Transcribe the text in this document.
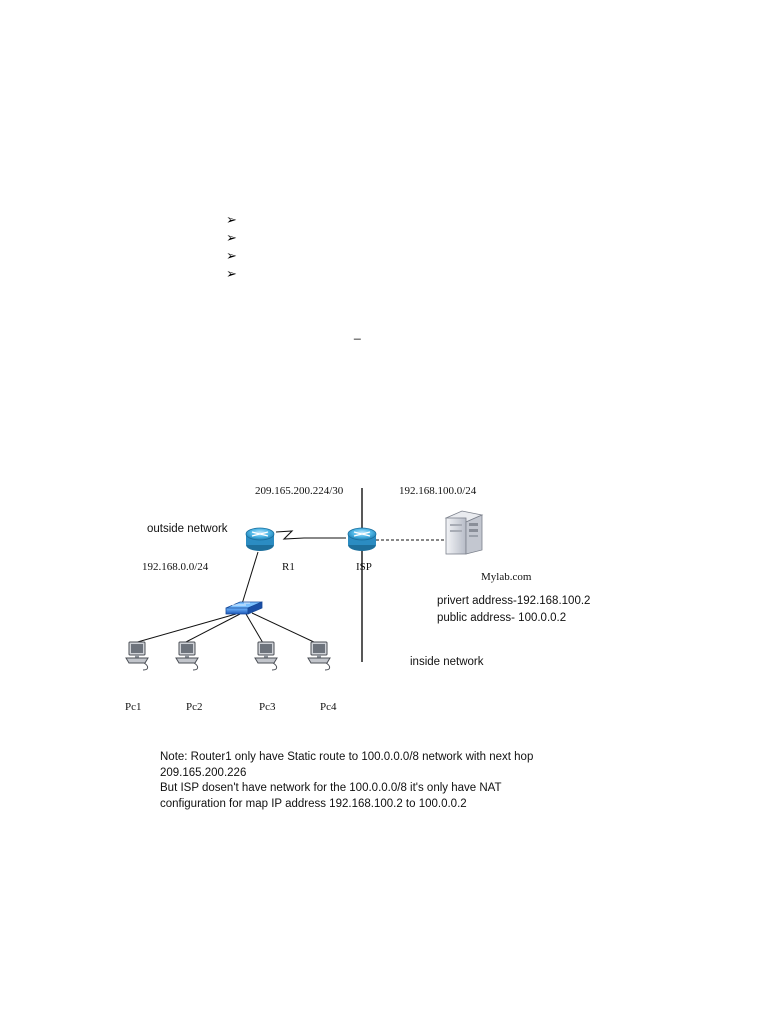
➢
➢
➢
➢
_
209.165.200.224/30	192.168.100.0/24
192.168.0.0/24
outside network
inside network
R1	ISP
Mylab.com
privert address-192.168.100.2
public address- 100.0.0.2
Pc1	Pc2	Pc3	Pc4
Note: Router1 only have Static route to 100.0.0.0/8 network with next hop
209.165.200.226
But ISP dosen't have network for the 100.0.0.0/8 it's only have NAT
configuration for map IP address 192.168.100.2 to 100.0.0.2
